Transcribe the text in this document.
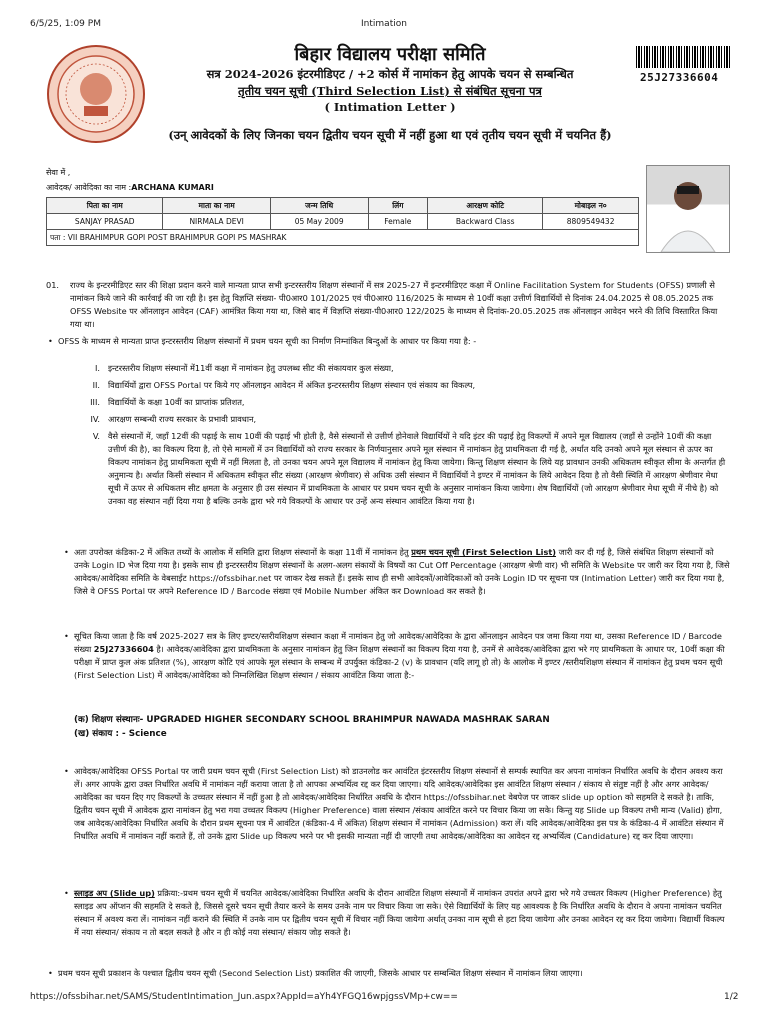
6/5/25, 1:09 PM	Intimation
बिहार विद्यालय परीक्षा समिति
सत्र 2024-2026 इंटरमीडिएट / +2 कोर्स में नामांकन हेतु आपके चयन से सम्बन्धित
तृतीय चयन सूची (Third Selection List) से संबंधित सूचना पत्र
( Intimation Letter )
(उन् आवेदकों के लिए जिनका चयन द्वितीय चयन सूची में नहीं हुआ था एवं तृतीय चयन सूची में चयनित हैं)
25J27336604
सेवा में ,
आवेदक/ आवेदिका का नाम :ARCHANA KUMARI
पिता का नाम	माता का नाम	जन्म तिथि	लिंग	आरक्षण कोटि	मोबाइल न०
SANJAY PRASAD	NIRMALA DEVI	05 May 2009	Female	Backward Class	8809549432
पता : VII BRAHIMPUR GOPI POST BRAHIMPUR GOPI PS MASHRAK					
01. राज्य के इन्टरमीडिएट स्तर की शिक्षा प्रदान करने वाले मान्यता प्राप्त सभी इन्टरस्तरीय शिक्षण संस्थानों में सत्र 2025-27 में इन्टरमीडिएट कक्षा में Online Facilitation System for Students (OFSS) प्रणाली से नामांकन किये जाने की कार्रवाई की जा रही है। इस हेतु विज्ञप्ति संख्या- पी0आर0 101/2025 एवं पी0आर0 116/2025 के माध्यम से 10वीं कक्षा उत्तीर्ण विद्यार्थियों से दिनांक 24.04.2025 से 08.05.2025 तक OFSS Website पर ऑनलाइन आवेदन (CAF) आमंत्रित किया गया था, जिसे बाद में विज्ञप्ति संख्या-पी0आर0 122/2025 के माध्यम से दिनांक-20.05.2025 तक ऑनलाइन आवेदन भरने की तिथि विस्तारित किया गया था।
• OFSS के माध्यम से मान्यता प्राप्त इन्टरस्तरीय शिक्षण संस्थानों में प्रथम चयन सूची का निर्माण निम्नांकित बिन्दुओं के आधार पर किया गया है: -
I. इन्टरस्तरीय शिक्षण संस्थानों में11वीं कक्षा में नामांकन हेतु उपलब्ध सीट की संकायवार कुल संख्या,
II. विद्यार्थियों द्वारा OFSS Portal पर किये गए ऑनलाइन आवेदन में अंकित इन्टरस्तरीय शिक्षण संस्थान एवं संकाय का विकल्प,
III. विद्यार्थियों के कक्षा 10वीं का प्राप्तांक प्रतिशत,
IV. आरक्षण सम्बन्धी राज्य सरकार के प्रभावी प्रावधान,
V. वैसे संस्थानों में, जहाँ 12वीं की पढ़ाई के साथ 10वीं की पढ़ाई भी होती है, वैसे संस्थानों से उत्तीर्ण होनेवाले विद्यार्थियों ने यदि इंटर की पढ़ाई हेतु विकल्पों में अपने मूल विद्यालय (जहाँ से उन्होंने 10वीं की कक्षा उत्तीर्ण की है), का विकल्प दिया है, तो ऐसे मामलों में उन विद्यार्थियों को राज्य सरकार के निर्णयानुसार अपने मूल संस्थान में नामांकन हेतु प्राथमिकता दी गई है, अर्थात यदि उनको अपने मूल संस्थान से ऊपर का विकल्प नामांकन हेतु प्राथमिकता सूची में नहीं मिलता है, तो उनका चयन अपने मूल विद्यालय में नामांकन हेतु किया जायेगा। किन्तु शिक्षण संस्थान के लिये यह प्रावधान उनकी अधिकतम स्वीकृत सीमा के अन्तर्गत ही अनुमान्य है। अर्थात किसी संस्थान में अधिकतम स्वीकृत सीट संख्या (आरक्षण श्रेणीवार) से अधिक उसी संस्थान में विद्यार्थियों ने इण्टर में नामांकन के लिये आवेदन दिया है तो वैसी स्थिति में आरक्षण श्रेणीवार मेधा सूची में ऊपर से अधिकतम सीट क्षमता के अनुसार ही उस संस्थान में प्राथमिकता के आधार पर प्रथम चयन सूची के अनुसार नामांकन किया जायेगा। शेष विद्यार्थियों (जो आरक्षण श्रेणीवार मेधा सूची में नीचे है) को उनका वह संस्थान नहीं दिया गया है बल्कि उनके द्वारा भरे गये विकल्पों के आधार पर उन्हें अन्य संस्थान आवंटित किया गया है।
• अतः उपरोक्त कंडिका-2 में अंकित तथ्यों के आलोक में समिति द्वारा शिक्षण संस्थानों के कक्षा 11वीं में नामांकन हेतु प्रथम चयन सूची (First Selection List) जारी कर दी गई है, जिसे संबंधित शिक्षण संस्थानों को उनके Login ID भेज दिया गया है। इसके साथ ही इन्टरस्तरीय शिक्षण संस्थानों के अलग-अलग संकायों के विषयों का Cut Off Percentage (आरक्षण श्रेणी वार) भी समिति के Website पर जारी कर दिया गया है, जिसे आवेदक/आवेदिका समिति के वेबसाईट https://ofssbihar.net पर जाकर देख सकते हैं। इसके साथ ही सभी आवेदकों/आवेदिकाओं को उनके Login ID पर सूचना पत्र (Intimation Letter) जारी कर दिया गया है, जिसे वे OFSS Portal पर अपने Reference ID / Barcode संख्या एवं Mobile Number अंकित कर Download कर सकते है।
• सूचित किया जाता है कि वर्ष 2025-2027 सत्र के लिए इण्टर/स्तरीयशिक्षण संस्थान कक्षा में नामांकन हेतु जो आवेदक/आवेदिका के द्वारा ऑनलाइन आवेदन पत्र जमा किया गया था, उसका Reference ID / Barcode संख्या 25J27336604 है। आवेदक/आवेदिका द्वारा प्राथमिकता के अनुसार नामांकन हेतु जिन शिक्षण संस्थानों का विकल्प दिया गया है, उनमें से आवेदक/आवेदिका द्वारा भरे गए प्राथमिकता के आधार पर, 10वीं कक्षा की परीक्षा में प्राप्त कुल अंक प्रतिशत (%), आरक्षण कोटि एवं आपके मूल संस्थान के सम्बन्ध में उपर्युक्त कंडिका-2 (v) के प्रावधान (यदि लागू हो तो) के आलोक में इण्टर /स्तरीयशिक्षण संस्थान में नामांकन हेतु प्रथम चयन सूची (First Selection List) में आवेदक/आवेदिका को निम्नलिखित शिक्षण संस्थान / संकाय आवंटित किया जाता है:-
(क) शिक्षण संस्थानः- UPGRADED HIGHER SECONDARY SCHOOL BRAHIMPUR NAWADA MASHRAK SARAN
(ख) संकाय : - Science
• आवेदक/आवेदिका OFSS Portal पर जारी प्रथम चयन सूची (First Selection List) को डाउनलोड कर आवंटित इंटरस्तरीय शिक्षण संस्थानों से सम्पर्क स्थापित कर अपना नामांकन निर्धारित अवधि के दौरान अवश्य करा लें। अगर आपके द्वारा उक्त निर्धारित अवधि में नामांकन नहीं कराया जाता है तो आपका अभ्यर्थित्व रद्द कर दिया जाएगा। यदि आवेदक/आवेदिका इस आवंटित शिक्षण संस्थान / संकाय से संतुष्ट नहीं है और अगर आवेदक/आवेदिका का चयन दिए गए विकल्पों के उच्चतर संस्थान में नहीं हुआ है तो आवेदक/आवेदिका निर्धारित अवधि के दौरान https://ofssbihar.net वेबपेज पर जाकर slide up option को सहमति दे सकते है। ताकि, द्वितीय चयन सूची में आवेदक द्वारा नामांकन हेतु भरा गया उच्चतर विकल्प (Higher Preference) वाला संस्थान /संकाय आवंटित करने पर विचार किया जा सके। किन्तु यह Slide up विकल्प तभी मान्य (Valid) होगा, जब आवेदक/आवेदिका निर्धारित अवधि के दौरान प्रथम सूचना पत्र में आवंटित (कंडिका-4 में अंकित) शिक्षण संस्थान में नामांकन (Admission) करा लें। यदि आवेदक/आवेदिका इस पत्र के कंडिका-4 में आवंटित संस्थान में निर्धारित अवधि में नामांकन नहीं कराते हैं, तो उनके द्वारा Slide up विकल्प भरने पर भी इसकी मान्यता नहीं दी जाएगी तथा आवेदक/आवेदिका का आवेदन रद्द अभ्यर्थित्व (Candidature) रद्द कर दिया जाएगा।
• स्लाइड अप (Slide up) प्रक्रिया:-प्रथम चयन सूची में चयनित आवेदक/आवेदिका निर्धारित अवधि के दौरान आवंटित शिक्षण संस्थानों में नामांकन उपरांत अपने द्वारा भरे गये उच्चतर विकल्प (Higher Preference) हेतु स्लाइड अप ऑप्शन की सहमति दे सकते है, जिससे दूसरे चयन सूची तैयार करने के समय उनके नाम पर विचार किया जा सके। ऐसे विद्यार्थियों के लिए यह आवश्यक है कि निर्धारित अवधि के दौरान वे अपना नामांकन चयनित संस्थान में अवश्य करा लें। नामांकन नहीं कराने की स्थिति में उनके नाम पर द्वितीय चयन सूची में विचार नहीं किया जायेगा अर्थात् उनका नाम सूची से हटा दिया जायेगा और उनका आवेदन रद्द कर दिया जायेगा। विद्यार्थी विकल्प में नया संस्थान/ संकाय न तो बदल सकते है और न ही कोई नया संस्थान/ संकाय जोड़ सकते है।
• प्रथम चयन सूची प्रकाशन के पश्चात द्वितीय चयन सूची (Second Selection List) प्रकाशित की जाएगी, जिसके आधार पर सम्बन्धित शिक्षण संस्थान में नामांकन लिया जाएगा।
https://ofssbihar.net/SAMS/StudentIntimation_Jun.aspx?AppId=aYh4YFGQ16wpjgssVMp+cw==	1/2
